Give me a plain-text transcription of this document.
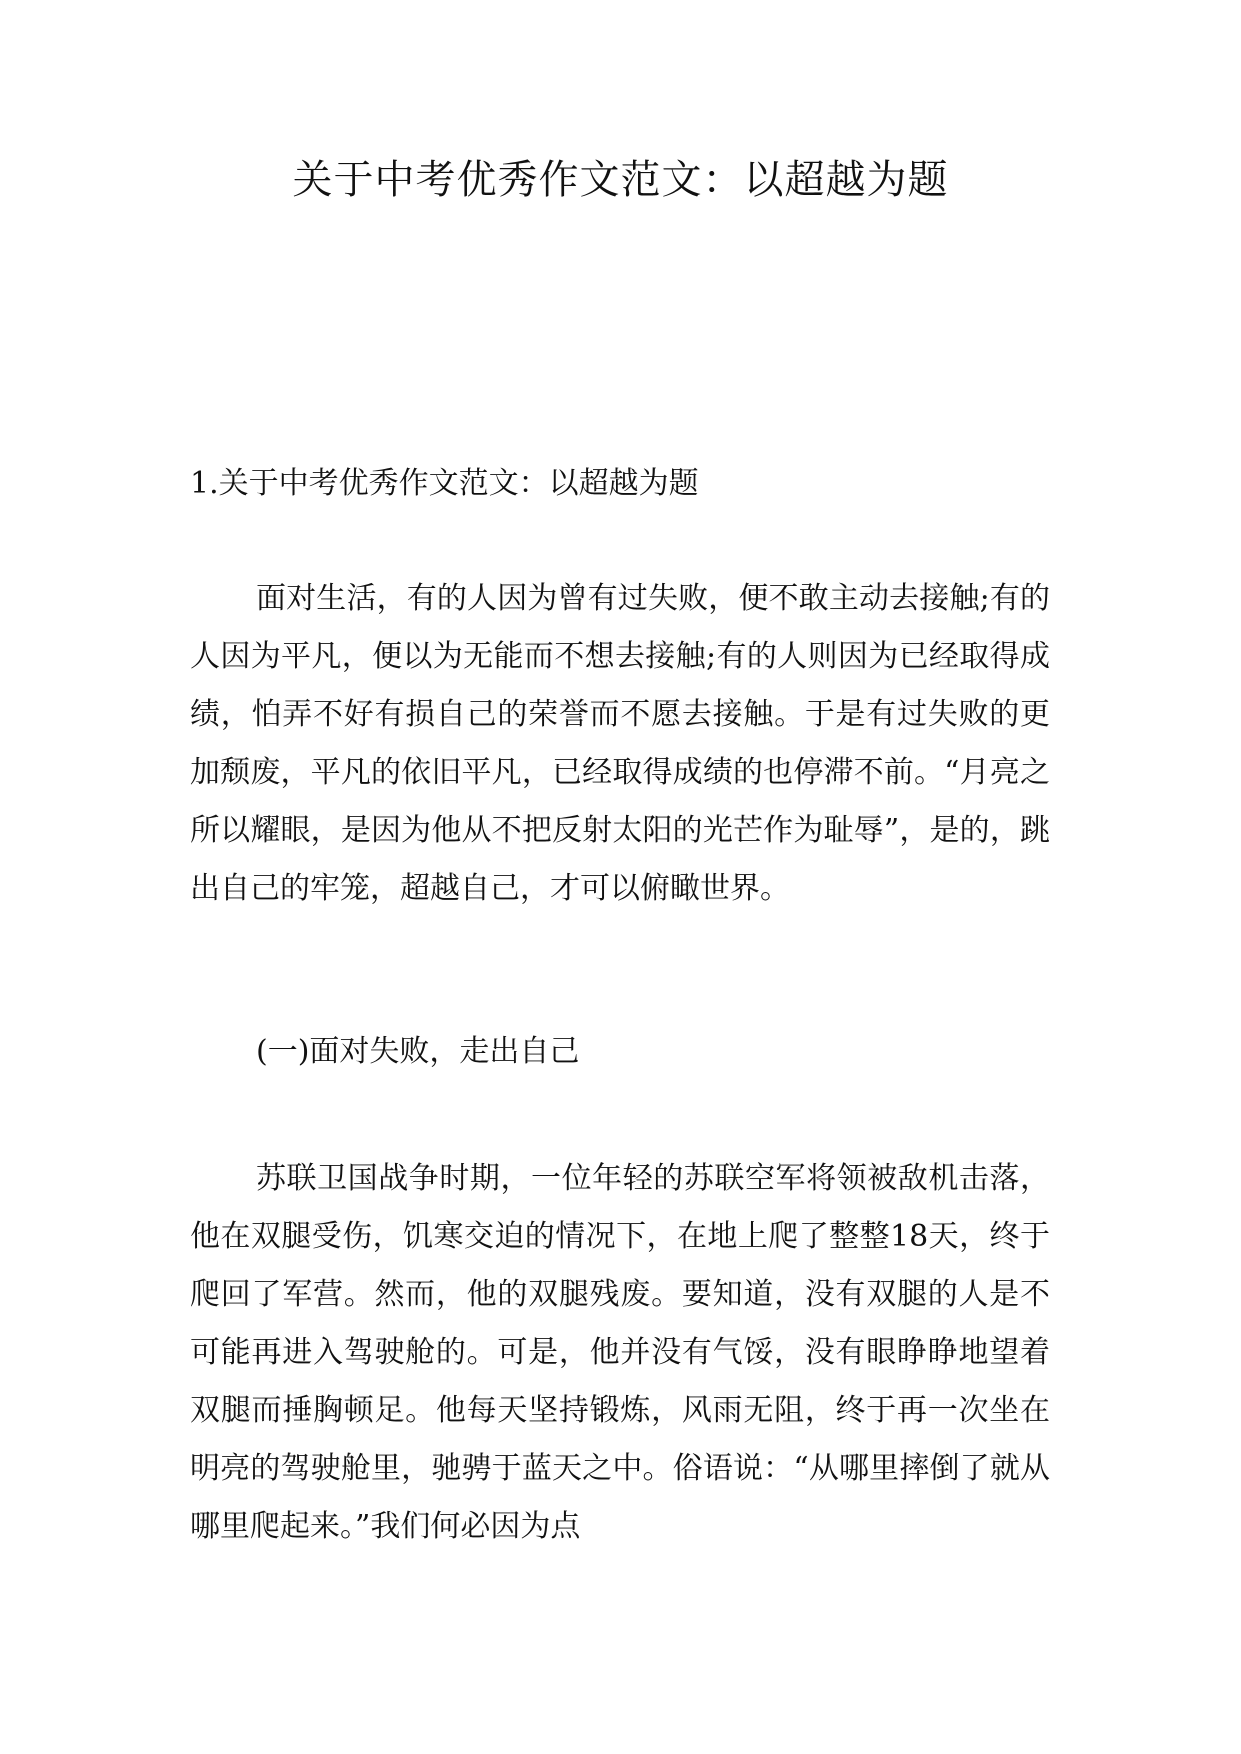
关于中考优秀作文范文：以超越为题
1.关于中考优秀作文范文：以超越为题

面对生活，有的人因为曾有过失败，便不敢主动去接触;有的人因为平凡，便以为无能而不想去接触;有的人则因为已经取得成绩，怕弄不好有损自己的荣誉而不愿去接触。于是有过失败的更加颓废，平凡的依旧平凡，已经取得成绩的也停滞不前。“月亮之所以耀眼，是因为他从不把反射太阳的光芒作为耻辱”，是的，跳出自己的牢笼，超越自己，才可以俯瞰世界。

(一)面对失败，走出自己

苏联卫国战争时期，一位年轻的苏联空军将领被敌机击落，他在双腿受伤，饥寒交迫的情况下，在地上爬了整整18天，终于爬回了军营。然而，他的双腿残废。要知道，没有双腿的人是不可能再进入驾驶舱的。可是，他并没有气馁，没有眼睁睁地望着双腿而捶胸顿足。他每天坚持锻炼，风雨无阻，终于再一次坐在明亮的驾驶舱里，驰骋于蓝天之中。俗语说：“从哪里摔倒了就从哪里爬起来。”我们何必因为点
